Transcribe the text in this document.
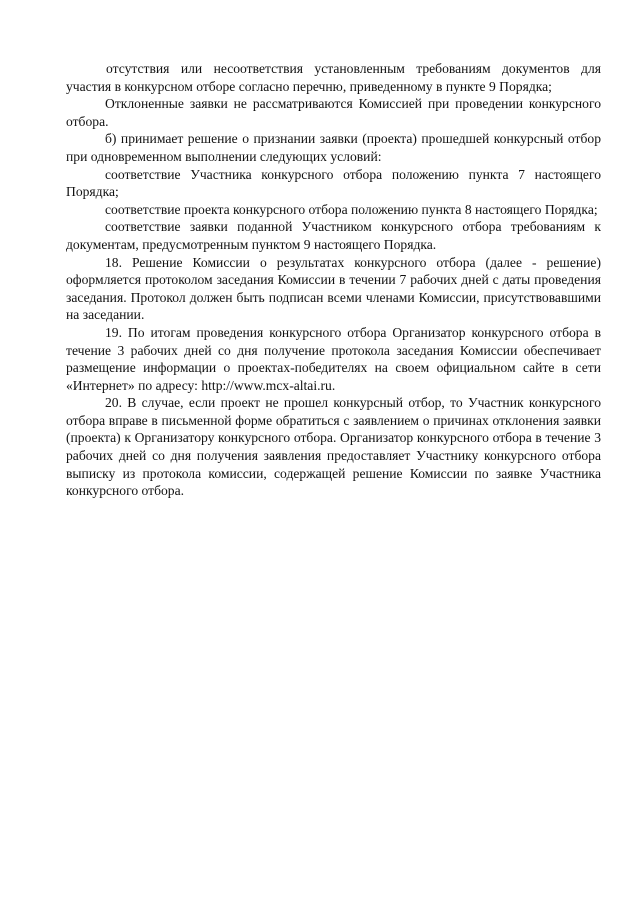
отсутствия или несоответствия установленным требованиям документов для участия в конкурсном отборе согласно перечню, приведенному в пункте 9 Порядка;

Отклоненные заявки не рассматриваются Комиссией при проведении конкурсного отбора.

б) принимает решение о признании заявки (проекта) прошедшей конкурсный отбор при одновременном выполнении следующих условий:

соответствие Участника конкурсного отбора положению пункта 7 настоящего Порядка;

соответствие проекта конкурсного отбора положению пункта 8 настоящего Порядка;

соответствие заявки поданной Участником конкурсного отбора требованиям к документам, предусмотренным пунктом 9 настоящего Порядка.

18. Решение Комиссии о результатах конкурсного отбора (далее - решение) оформляется протоколом заседания Комиссии в течении 7 рабочих дней с даты проведения заседания. Протокол должен быть подписан всеми членами Комиссии, присутствовавшими на заседании.

19. По итогам проведения конкурсного отбора Организатор конкурсного отбора в течение 3 рабочих дней со дня получение протокола заседания Комиссии обеспечивает размещение информации о проектах-победителях на своем официальном сайте в сети «Интернет» по адресу: http://www.mcx-altai.ru.

20. В случае, если проект не прошел конкурсный отбор, то Участник конкурсного отбора вправе в письменной форме обратиться с заявлением о причинах отклонения заявки (проекта) к Организатору конкурсного отбора. Организатор конкурсного отбора в течение 3 рабочих дней со дня получения заявления предоставляет Участнику конкурсного отбора выписку из протокола комиссии, содержащей решение Комиссии по заявке Участника конкурсного отбора.
